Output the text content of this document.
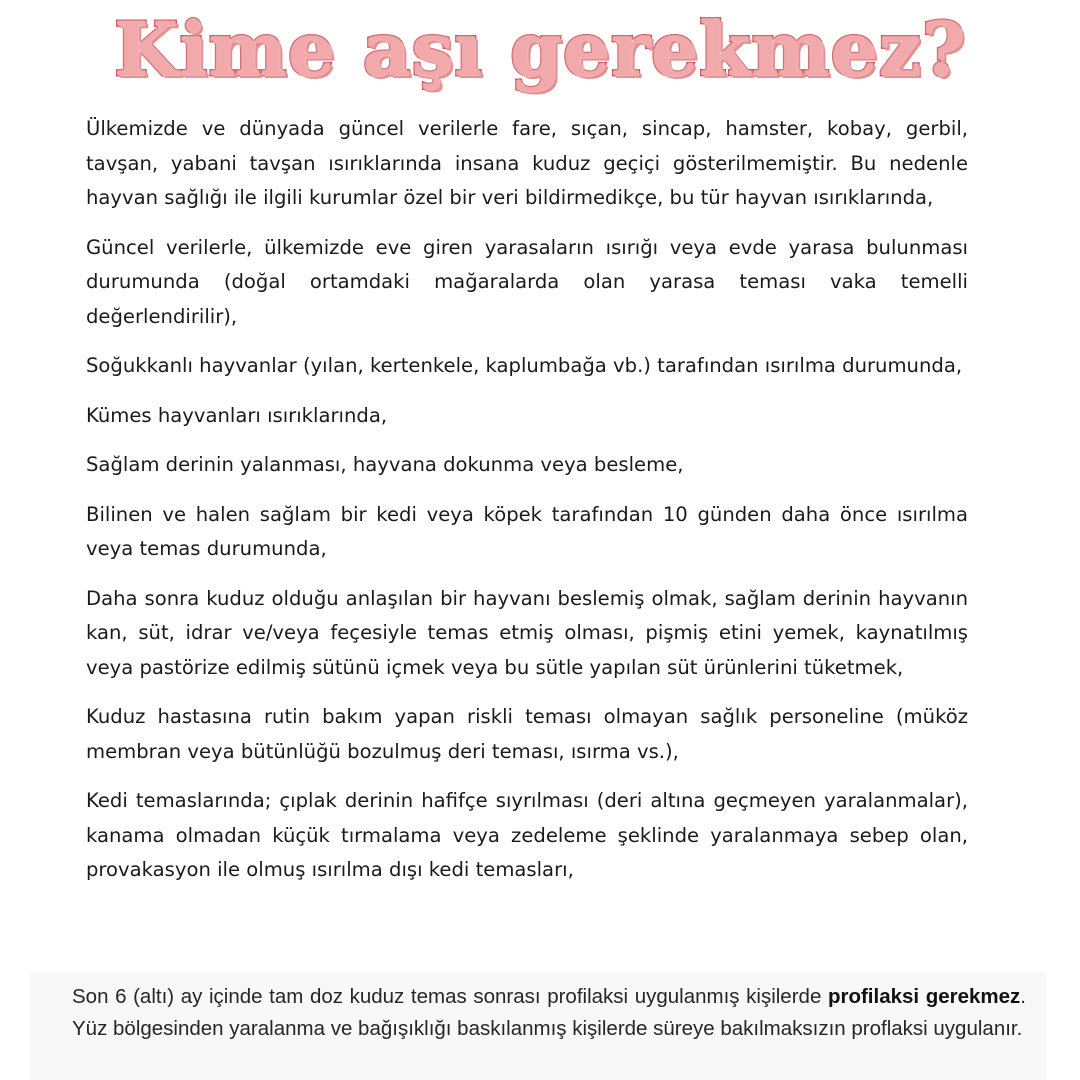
Kime aşı gerekmez?

Ülkemizde ve dünyada güncel verilerle fare, sıçan, sincap, hamster, kobay, gerbil, tavşan, yabani tavşan ısırıklarında insana kuduz geçiçi gösterilmemiştir. Bu nedenle hayvan sağlığı ile ilgili kurumlar özel bir veri bildirmedikçe, bu tür hayvan ısırıklarında,

Güncel verilerle, ülkemizde eve giren yarasaların ısırığı veya evde yarasa bulunması durumunda (doğal ortamdaki mağaralarda olan yarasa teması vaka temelli değerlendirilir),

Soğukkanlı hayvanlar (yılan, kertenkele, kaplumbağa vb.) tarafından ısırılma durumunda,

Kümes hayvanları ısırıklarında,

Sağlam derinin yalanması, hayvana dokunma veya besleme,

Bilinen ve halen sağlam bir kedi veya köpek tarafından 10 günden daha önce ısırılma veya temas durumunda,

Daha sonra kuduz olduğu anlaşılan bir hayvanı beslemiş olmak, sağlam derinin hayvanın kan, süt, idrar ve/veya feçesiyle temas etmiş olması, pişmiş etini yemek, kaynatılmış veya pastörize edilmiş sütünü içmek veya bu sütle yapılan süt ürünlerini tüketmek,

Kuduz hastasına rutin bakım yapan riskli teması olmayan sağlık personeline (müköz membran veya bütünlüğü bozulmuş deri teması, ısırma vs.),

Kedi temaslarında; çıplak derinin hafifçe sıyrılması (deri altına geçmeyen yaralanmalar), kanama olmadan küçük tırmalama veya zedeleme şeklinde yaralanmaya sebep olan, provakasyon ile olmuş ısırılma dışı kedi temasları,

Son 6 (altı) ay içinde tam doz kuduz temas sonrası profilaksi uygulanmış kişilerde profilaksi gerekmez. Yüz bölgesinden yaralanma ve bağışıklığı baskılanmış kişilerde süreye bakılmaksızın proflaksi uygulanır.
